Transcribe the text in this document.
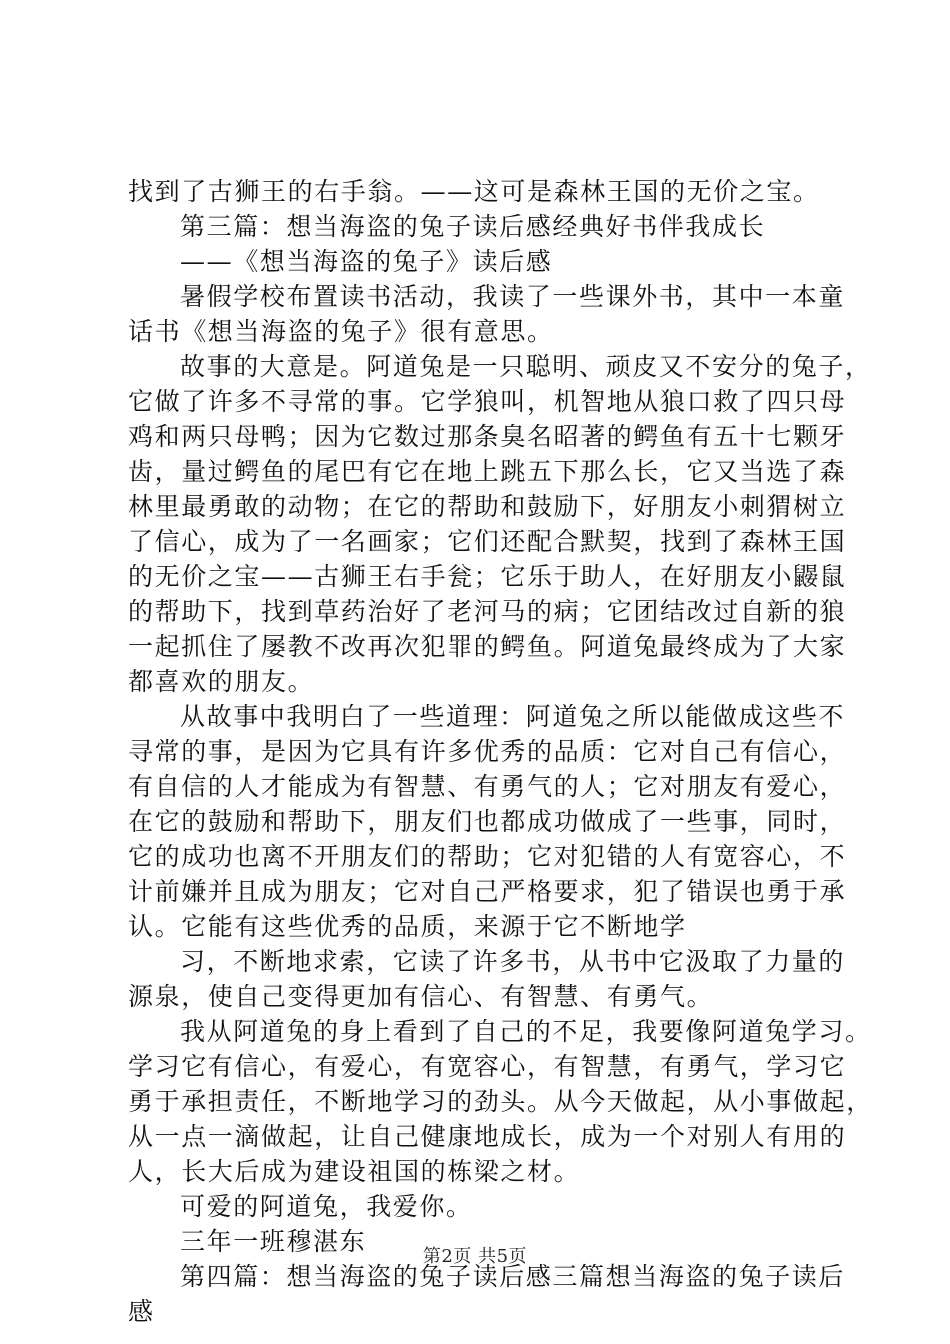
找到了古狮王的右手翁。——这可是森林王国的无价之宝。
第三篇：想当海盗的兔子读后感经典好书伴我成长
——《想当海盗的兔子》读后感
暑假学校布置读书活动，我读了一些课外书，其中一本童
话书《想当海盗的兔子》很有意思。
故事的大意是。阿道兔是一只聪明、顽皮又不安分的兔子，
它做了许多不寻常的事。它学狼叫，机智地从狼口救了四只母
鸡和两只母鸭；因为它数过那条臭名昭著的鳄鱼有五十七颗牙
齿，量过鳄鱼的尾巴有它在地上跳五下那么长，它又当选了森
林里最勇敢的动物；在它的帮助和鼓励下，好朋友小刺猬树立
了信心，成为了一名画家；它们还配合默契，找到了森林王国
的无价之宝——古狮王右手瓮；它乐于助人，在好朋友小鼹鼠
的帮助下，找到草药治好了老河马的病；它团结改过自新的狼
一起抓住了屡教不改再次犯罪的鳄鱼。阿道兔最终成为了大家
都喜欢的朋友。
从故事中我明白了一些道理：阿道兔之所以能做成这些不
寻常的事，是因为它具有许多优秀的品质：它对自己有信心，
有自信的人才能成为有智慧、有勇气的人；它对朋友有爱心，
在它的鼓励和帮助下，朋友们也都成功做成了一些事，同时，
它的成功也离不开朋友们的帮助；它对犯错的人有宽容心，不
计前嫌并且成为朋友；它对自己严格要求，犯了错误也勇于承
认。它能有这些优秀的品质，来源于它不断地学
习，不断地求索，它读了许多书，从书中它汲取了力量的
源泉，使自己变得更加有信心、有智慧、有勇气。
我从阿道兔的身上看到了自己的不足，我要像阿道兔学习。
学习它有信心，有爱心，有宽容心，有智慧，有勇气，学习它
勇于承担责任，不断地学习的劲头。从今天做起，从小事做起，
从一点一滴做起，让自己健康地成长，成为一个对别人有用的
人，长大后成为建设祖国的栋梁之材。
可爱的阿道兔，我爱你。
三年一班穆湛东
第四篇：想当海盗的兔子读后感三篇想当海盗的兔子读后
感
第2页 共5页
